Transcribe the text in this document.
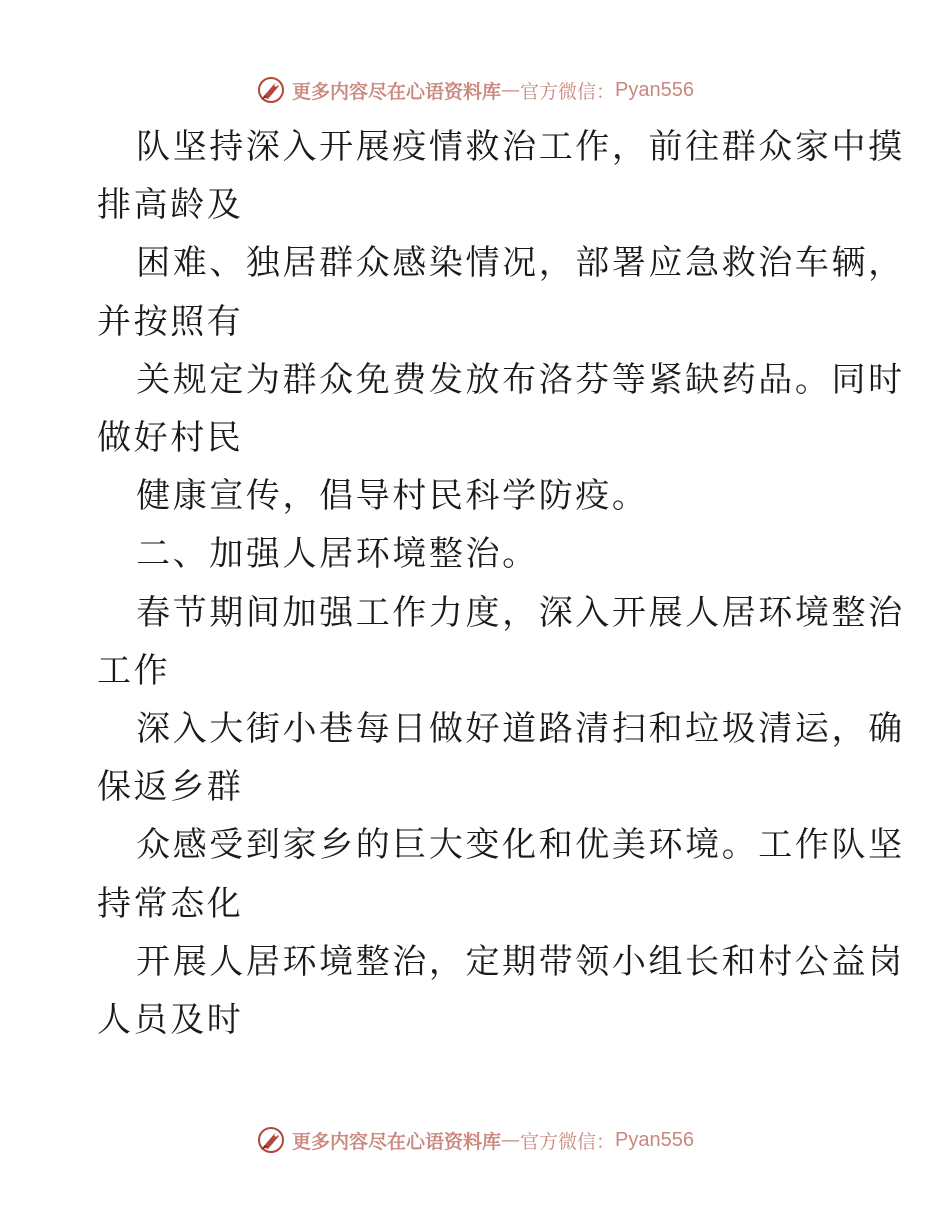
更多内容尽在心语资料库 — 官方微信： Pyan556

队坚持深入开展疫情救治工作，前往群众家中摸
排高龄及

困难、独居群众感染情况，部署应急救治车辆，
并按照有

关规定为群众免费发放布洛芬等紧缺药品。同时
做好村民

健康宣传，倡导村民科学防疫。

二、加强人居环境整治。

春节期间加强工作力度，深入开展人居环境整治
工作

深入大街小巷每日做好道路清扫和垃圾清运，确
保返乡群

众感受到家乡的巨大变化和优美环境。工作队坚
持常态化

开展人居环境整治，定期带领小组长和村公益岗
人员及时

更多内容尽在心语资料库 — 官方微信： Pyan556
